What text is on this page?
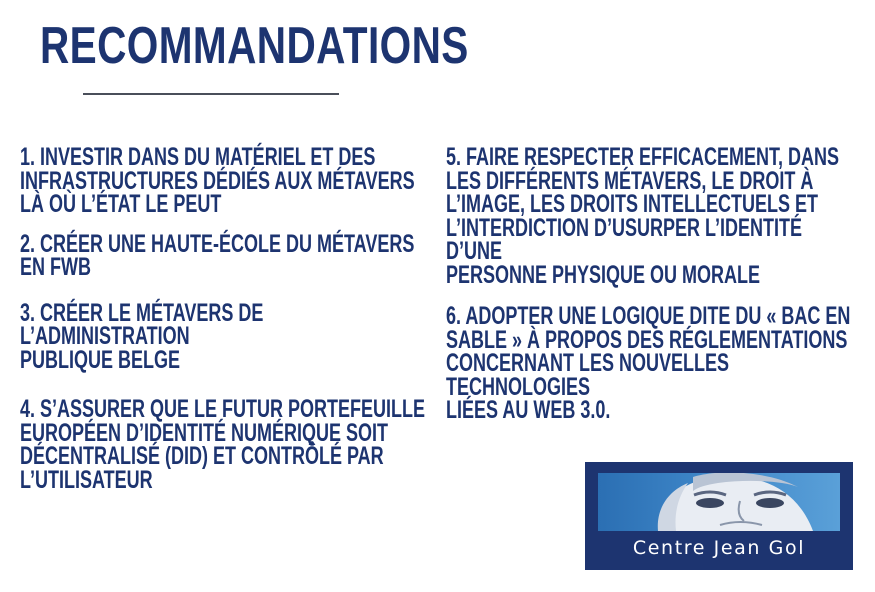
RECOMMANDATIONS

1. INVESTIR DANS DU MATÉRIEL ET DES
INFRASTRUCTURES DÉDIÉS AUX MÉTAVERS
LÀ OÙ L’ÉTAT LE PEUT

2. CRÉER UNE HAUTE-ÉCOLE DU MÉTAVERS
EN FWB

3. CRÉER LE MÉTAVERS DE L’ADMINISTRATION
PUBLIQUE BELGE

4. S’ASSURER QUE LE FUTUR PORTEFEUILLE
EUROPÉEN D’IDENTITÉ NUMÉRIQUE SOIT
DÉCENTRALISÉ (DID) ET CONTRÔLÉ PAR
L’UTILISATEUR

5. FAIRE RESPECTER EFFICACEMENT, DANS
LES DIFFÉRENTS MÉTAVERS, LE DROIT À
L’IMAGE, LES DROITS INTELLECTUELS ET
L’INTERDICTION D’USURPER L’IDENTITÉ D’UNE
PERSONNE PHYSIQUE OU MORALE

6. ADOPTER UNE LOGIQUE DITE DU « BAC EN
SABLE » À PROPOS DES RÉGLEMENTATIONS
CONCERNANT LES NOUVELLES TECHNOLOGIES
LIÉES AU WEB 3.0.

Centre Jean Gol
